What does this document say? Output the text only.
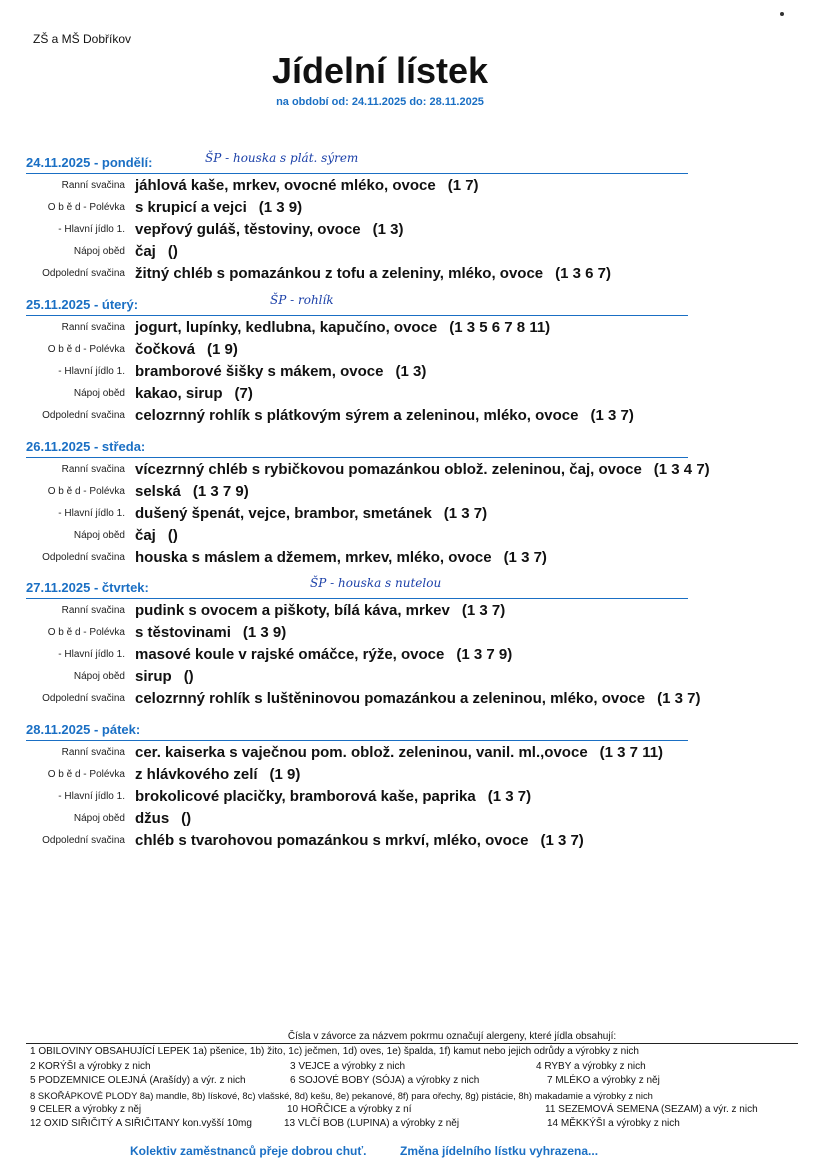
ZŠ a MŠ Dobříkov
Jídelní lístek
na období od: 24.11.2025 do: 28.11.2025
24.11.2025 - pondělí:	ŠP - houska s plát. sýrem
Ranní svačina jáhlová kaše, mrkev, ovocné mléko, ovoce (1 7)
O b ě d - Polévka s krupicí a vejci (1 3 9)
- Hlavní jídlo 1. vepřový guláš, těstoviny, ovoce (1 3)
Nápoj oběd čaj ()
Odpolední svačina žitný chléb s pomazánkou z tofu a zeleniny, mléko, ovoce (1 3 6 7)
25.11.2025 - úterý:	ŠP - rohlík
Ranní svačina jogurt, lupínky, kedlubna, kapučíno, ovoce (1 3 5 6 7 8 11)
O b ě d - Polévka čočková (1 9)
- Hlavní jídlo 1. bramborové šišky s mákem, ovoce (1 3)
Nápoj oběd kakao, sirup (7)
Odpolední svačina celozrnný rohlík s plátkovým sýrem a zeleninou, mléko, ovoce (1 3 7)
26.11.2025 - středa:
Ranní svačina vícezrnný chléb s rybičkovou pomazánkou oblož. zeleninou, čaj, ovoce (1 3 4 7)
O b ě d - Polévka selská (1 3 7 9)
- Hlavní jídlo 1. dušený špenát, vejce, brambor, smetánek (1 3 7)
Nápoj oběd čaj ()
Odpolední svačina houska s máslem a džemem, mrkev, mléko, ovoce (1 3 7)
27.11.2025 - čtvrtek:	ŠP - houska s nutelou
Ranní svačina pudink s ovocem a piškoty, bílá káva, mrkev (1 3 7)
O b ě d - Polévka s těstovinami (1 3 9)
- Hlavní jídlo 1. masové koule v rajské omáčce, rýže, ovoce (1 3 7 9)
Nápoj oběd sirup ()
Odpolední svačina celozrnný rohlík s luštěninovou pomazánkou a zeleninou, mléko, ovoce (1 3 7)
28.11.2025 - pátek:
Ranní svačina cer. kaiserka s vaječnou pom. oblož. zeleninou, vanil. ml.,ovoce (1 3 7 11)
O b ě d - Polévka z hlávkového zelí (1 9)
- Hlavní jídlo 1. brokolicové placičky, bramborová kaše, paprika (1 3 7)
Nápoj oběd džus ()
Odpolední svačina chléb s tvarohovou pomazánkou s mrkví, mléko, ovoce (1 3 7)
Čísla v závorce za názvem pokrmu označují alergeny, které jídla obsahují:
1 OBILOVINY OBSAHUJÍCÍ LEPEK 1a) pšenice, 1b) žito, 1c) ječmen, 1d) oves, 1e) špalda, 1f) kamut nebo jejich odrůdy a výrobky z nich
2 KORÝŠI a výrobky z nich	3 VEJCE a výrobky z nich	4 RYBY a výrobky z nich
5 PODZEMNICE OLEJNÁ (Arašídy) a výr. z nich	6 SOJOVÉ BOBY (SÓJA) a výrobky z nich	7 MLÉKO a výrobky z něj
8 SKOŘÁPKOVÉ PLODY 8a) mandle, 8b) lískové, 8c) vlašské, 8d) kešu, 8e) pekanové, 8f) para ořechy, 8g) pistácie, 8h) makadamie a výrobky z nich
9 CELER a výrobky z něj	10 HOŘČICE a výrobky z ní	11 SEZEMOVÁ SEMENA (SEZAM) a výr. z nich
12 OXID SIŘIČITÝ A SIŘIČITANY kon.vyšší 10mg	13 VLČÍ BOB (LUPINA) a výrobky z něj	14 MĚKKÝŠI a výrobky z nich
Kolektiv zaměstnanců přeje dobrou chuť.	Změna jídelního lístku vyhrazena...
